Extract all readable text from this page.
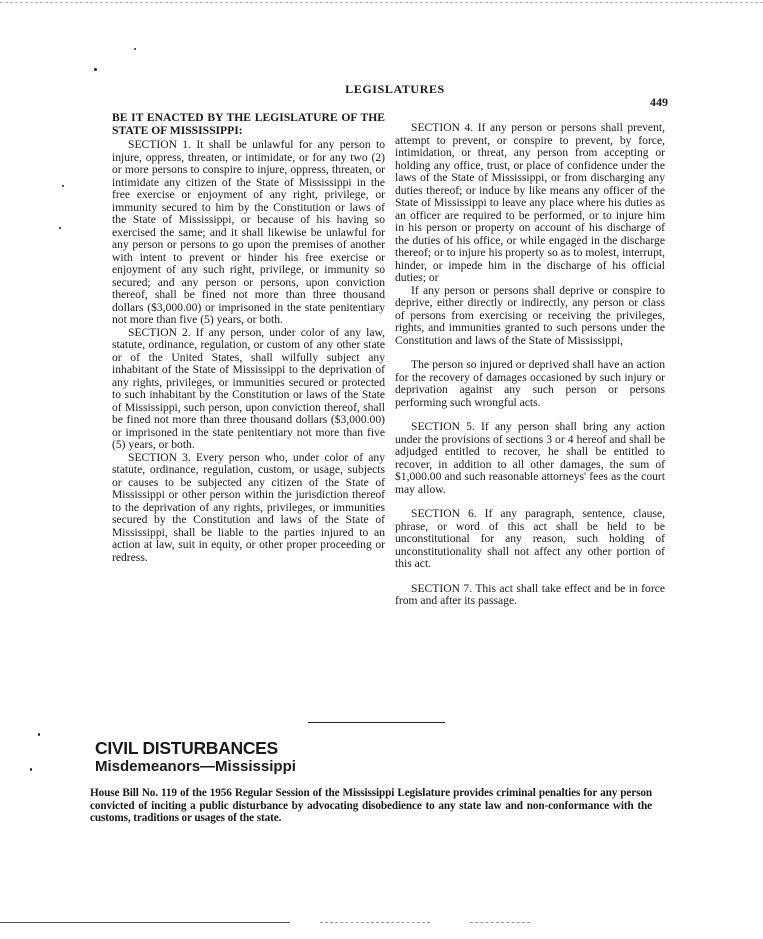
LEGISLATURES
449

BE IT ENACTED BY THE LEGISLATURE OF THE STATE OF MISSISSIPPI:

SECTION 1. It shall be unlawful for any person to injure, oppress, threaten, or intimidate, or for any two (2) or more persons to conspire to injure, oppress, threaten, or intimidate any citizen of the State of Mississippi in the free exercise or enjoyment of any right, privilege, or immunity secured to him by the Constitution or laws of the State of Mississippi, or because of his having so exercised the same; and it shall likewise be unlawful for any person or persons to go upon the premises of another with intent to prevent or hinder his free exercise or enjoyment of any such right, privilege, or immunity so secured; and any person or persons, upon conviction thereof, shall be fined not more than three thousand dollars ($3,000.00) or imprisoned in the state penitentiary not more than five (5) years, or both.

SECTION 2. If any person, under color of any law, statute, ordinance, regulation, or custom of any other state or of the United States, shall wilfully subject any inhabitant of the State of Mississippi to the deprivation of any rights, privileges, or immunities secured or protected to such inhabitant by the Constitution or laws of the State of Mississippi, such person, upon conviction thereof, shall be fined not more than three thousand dollars ($3,000.00) or imprisoned in the state penitentiary not more than five (5) years, or both.

SECTION 3. Every person who, under color of any statute, ordinance, regulation, custom, or usage, subjects or causes to be subjected any citizen of the State of Mississippi or other person within the jurisdiction thereof to the deprivation of any rights, privileges, or immunities secured by the Constitution and laws of the State of Mississippi, shall be liable to the parties injured to an action at law, suit in equity, or other proper proceeding or redress.

SECTION 4. If any person or persons shall prevent, attempt to prevent, or conspire to prevent, by force, intimidation, or threat, any person from accepting or holding any office, trust, or place of confidence under the laws of the State of Mississippi, or from discharging any duties thereof; or induce by like means any officer of the State of Mississippi to leave any place where his duties as an officer are required to be performed, or to injure him in his person or property on account of his discharge of the duties of his office, or while engaged in the discharge thereof; or to injure his property so as to molest, interrupt, hinder, or impede him in the discharge of his official duties; or

If any person or persons shall deprive or conspire to deprive, either directly or indirectly, any person or class of persons from exercising or receiving the privileges, rights, and immunities granted to such persons under the Constitution and laws of the State of Mississippi,

The person so injured or deprived shall have an action for the recovery of damages occasioned by such injury or deprivation against any such person or persons performing such wrongful acts.

SECTION 5. If any person shall bring any action under the provisions of sections 3 or 4 hereof and shall be adjudged entitled to recover, he shall be entitled to recover, in addition to all other damages, the sum of $1,000.00 and such reasonable attorneys' fees as the court may allow.

SECTION 6. If any paragraph, sentence, clause, phrase, or word of this act shall be held to be unconstitutional for any reason, such holding of unconstitutionality shall not affect any other portion of this act.

SECTION 7. This act shall take effect and be in force from and after its passage.

CIVIL DISTURBANCES
Misdemeanors—Mississippi
House Bill No. 119 of the 1956 Regular Session of the Mississippi Legislature provides criminal penalties for any person convicted of inciting a public disturbance by advocating disobedience to any state law and non-conformance with the customs, traditions or usages of the state.
